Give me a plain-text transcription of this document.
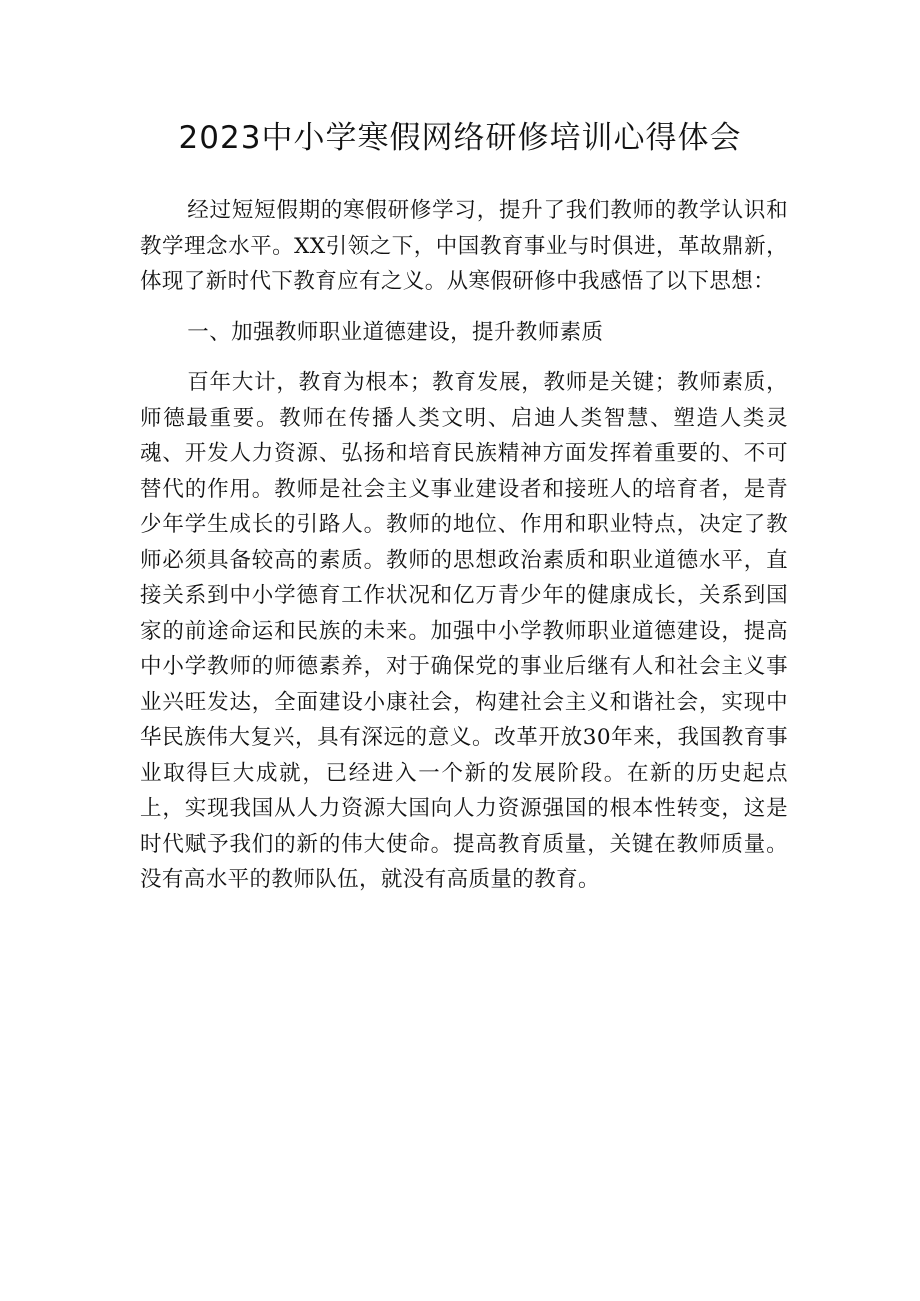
2023中小学寒假网络研修培训心得体会

经过短短假期的寒假研修学习，提升了我们教师的教学认识和教学理念水平。XX引领之下，中国教育事业与时俱进，革故鼎新，体现了新时代下教育应有之义。从寒假研修中我感悟了以下思想：

一、加强教师职业道德建设，提升教师素质

百年大计，教育为根本；教育发展，教师是关键；教师素质，师德最重要。教师在传播人类文明、启迪人类智慧、塑造人类灵魂、开发人力资源、弘扬和培育民族精神方面发挥着重要的、不可替代的作用。教师是社会主义事业建设者和接班人的培育者，是青少年学生成长的引路人。教师的地位、作用和职业特点，决定了教师必须具备较高的素质。教师的思想政治素质和职业道德水平，直接关系到中小学德育工作状况和亿万青少年的健康成长，关系到国家的前途命运和民族的未来。加强中小学教师职业道德建设，提高中小学教师的师德素养，对于确保党的事业后继有人和社会主义事业兴旺发达，全面建设小康社会，构建社会主义和谐社会，实现中华民族伟大复兴，具有深远的意义。改革开放30年来，我国教育事业取得巨大成就，已经进入一个新的发展阶段。在新的历史起点上，实现我国从人力资源大国向人力资源强国的根本性转变，这是时代赋予我们的新的伟大使命。提高教育质量，关键在教师质量。没有高水平的教师队伍，就没有高质量的教育。
